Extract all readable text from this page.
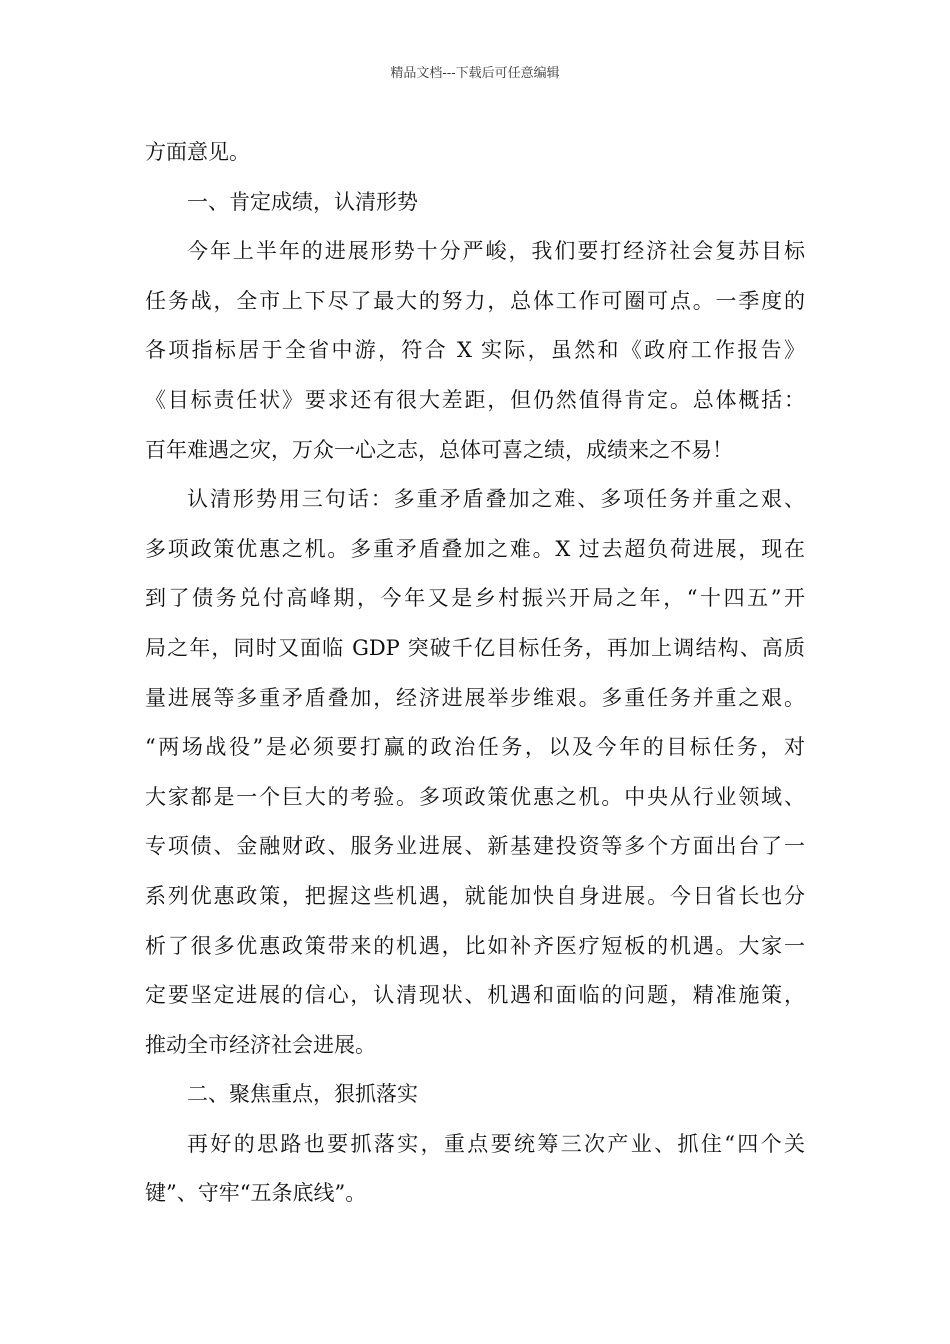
精品文档---下载后可任意编辑
方面意见。
一、肯定成绩，认清形势
今年上半年的进展形势十分严峻，我们要打经济社会复苏目标
任务战，全市上下尽了最大的努力，总体工作可圈可点。一季度的
各项指标居于全省中游，符合 X 实际，虽然和《政府工作报告》
《目标责任状》要求还有很大差距，但仍然值得肯定。总体概括：
百年难遇之灾，万众一心之志，总体可喜之绩，成绩来之不易！
认清形势用三句话：多重矛盾叠加之难、多项任务并重之艰、
多项政策优惠之机。多重矛盾叠加之难。X 过去超负荷进展，现在
到了债务兑付高峰期，今年又是乡村振兴开局之年，“十四五”开
局之年，同时又面临 GDP 突破千亿目标任务，再加上调结构、高质
量进展等多重矛盾叠加，经济进展举步维艰。多重任务并重之艰。
“两场战役”是必须要打赢的政治任务，以及今年的目标任务，对
大家都是一个巨大的考验。多项政策优惠之机。中央从行业领域、
专项债、金融财政、服务业进展、新基建投资等多个方面出台了一
系列优惠政策，把握这些机遇，就能加快自身进展。今日省长也分
析了很多优惠政策带来的机遇，比如补齐医疗短板的机遇。大家一
定要坚定进展的信心，认清现状、机遇和面临的问题，精准施策，
推动全市经济社会进展。
二、聚焦重点，狠抓落实
再好的思路也要抓落实，重点要统筹三次产业、抓住“四个关
键”、守牢“五条底线”。
